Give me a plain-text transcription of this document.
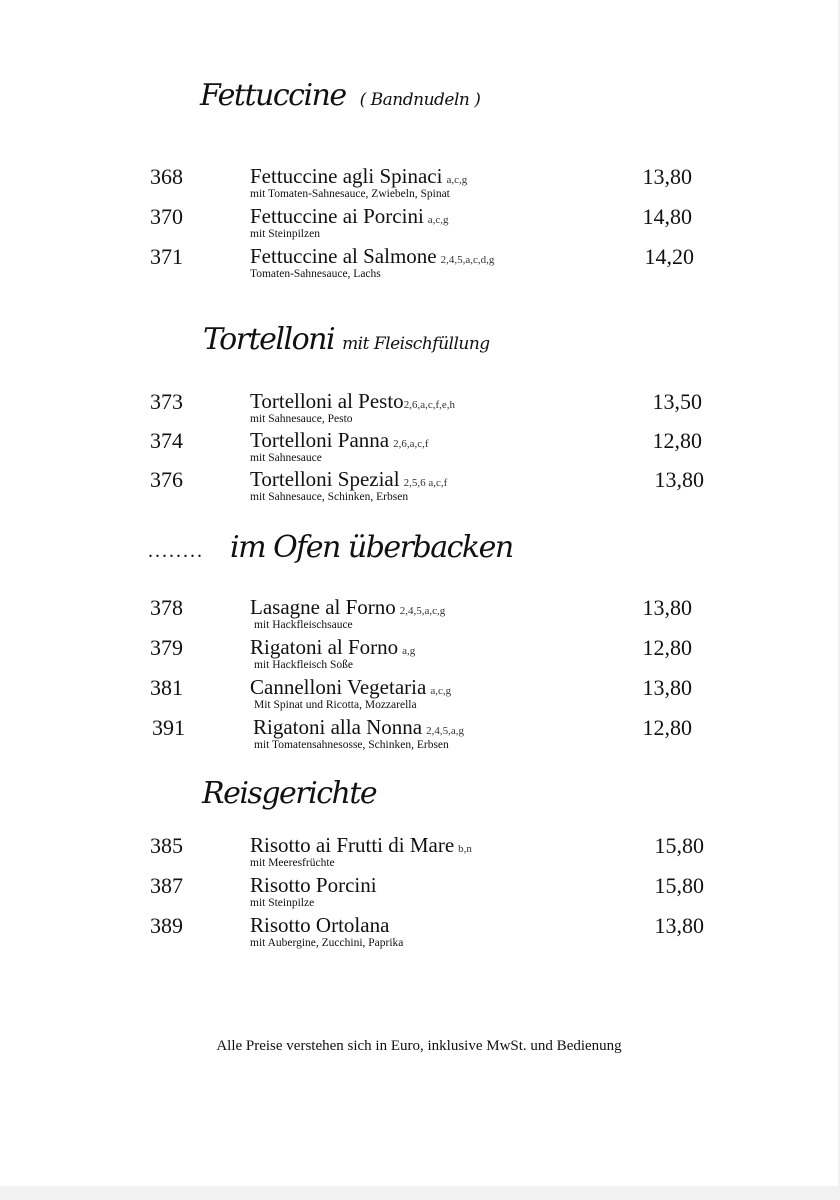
Fettuccine ( Bandnudeln )
368	Fettuccine agli Spinaci a,c,g
mit Tomaten-Sahnesauce, Zwiebeln, Spinat
13,80
370	Fettuccine ai Porcini a,c,g
mit Steinpilzen
14,80
371	Fettuccine al Salmone 2,4,5,a,c,d,g
Tomaten-Sahnesauce, Lachs
14,20
Tortelloni mit Fleischfüllung
373	Tortelloni al Pesto2,6,a,c,f,e,h
mit Sahnesauce, Pesto
13,50
374	Tortelloni Panna 2,6,a,c,f
mit Sahnesauce
12,80
376	Tortelloni Spezial 2,5,6 a,c,f
mit Sahnesauce, Schinken, Erbsen
13,80
........ im Ofen überbacken
378	Lasagne al Forno 2,4,5,a,c,g
mit Hackfleischsauce
13,80
379	Rigatoni al Forno a,g
mit Hackfleisch Soße
12,80
381	Cannelloni Vegetaria a,c,g
Mit Spinat und Ricotta, Mozzarella
13,80
391	Rigatoni alla Nonna 2,4,5,a,g
mit Tomatensahnesosse, Schinken, Erbsen
12,80
Reisgerichte
385	Risotto ai Frutti di Mare b,n
mit Meeresfrüchte
15,80
387	Risotto Porcini
mit Steinpilze
15,80
389	Risotto Ortolana
mit Aubergine, Zucchini, Paprika
13,80
Alle Preise verstehen sich in Euro, inklusive MwSt. und Bedienung
